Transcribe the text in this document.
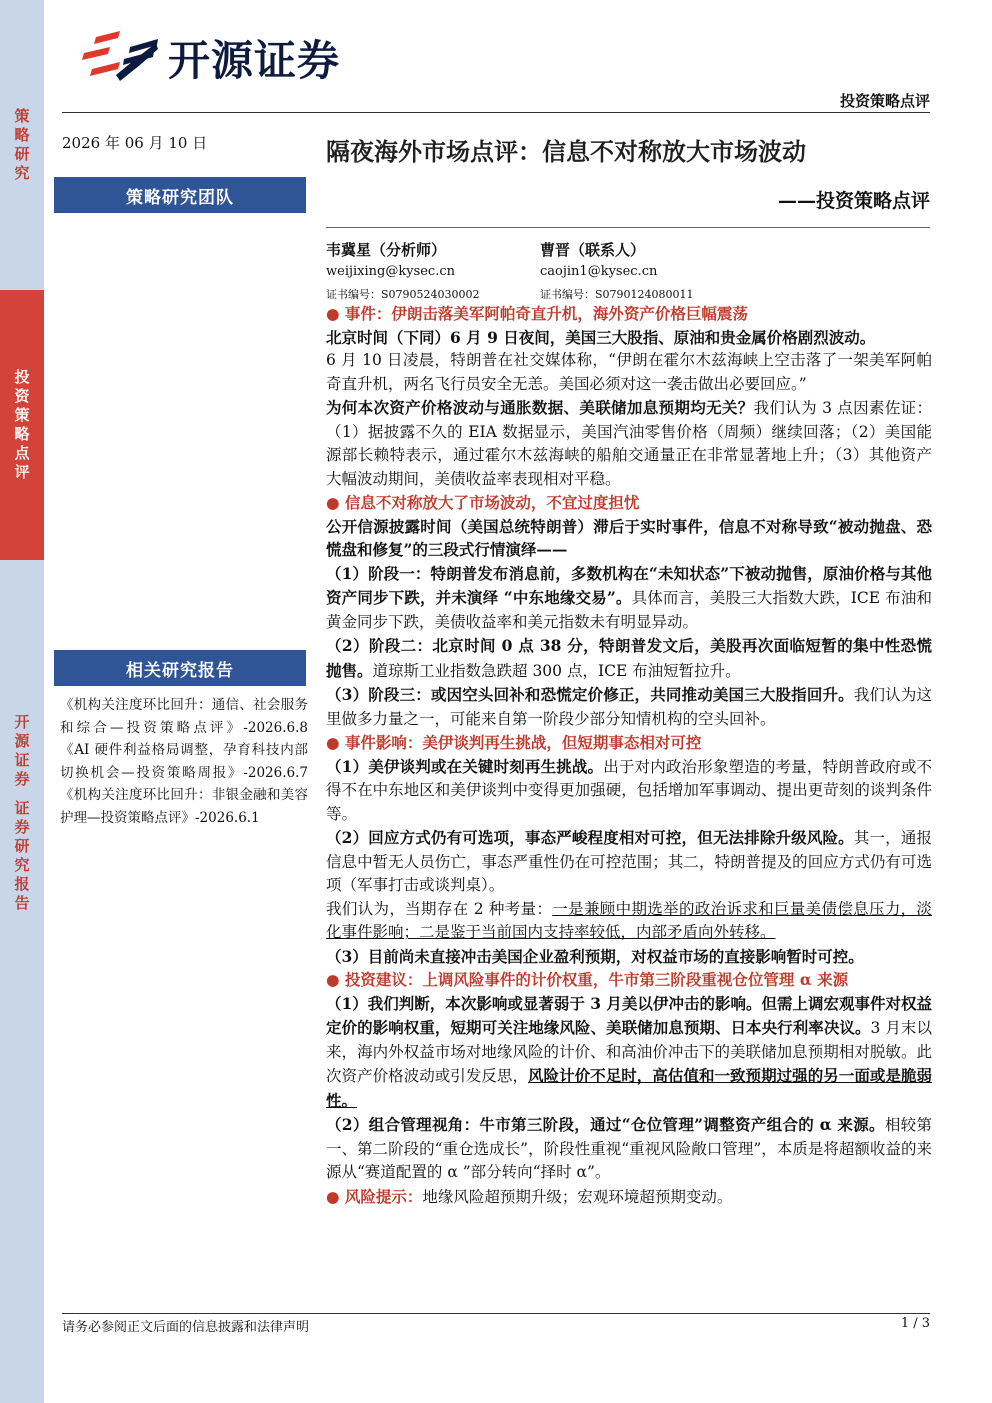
策
略
研
究
投
资
策
略
点
评
开
源
证
券
证
券
研
究
报
告
开源证券
投资策略点评
2026 年 06 月 10 日
策略研究团队
相关研究报告
《机构关注度环比回升：通信、社会服务和综合—投资策略点评》-2026.6.8
《AI 硬件利益格局调整，孕育科技内部切换机会—投资策略周报》-2026.6.7
《机构关注度环比回升：非银金融和美容护理—投资策略点评》-2026.6.1
隔夜海外市场点评：信息不对称放大市场波动
——投资策略点评
韦冀星（分析师）
weijixing@kysec.cn
证书编号：S0790524030002
曹晋（联系人）
caojin1@kysec.cn
证书编号：S0790124080011

● 事件：伊朗击落美军阿帕奇直升机，海外资产价格巨幅震荡

北京时间（下同）6 月 9 日夜间，美国三大股指、原油和贵金属价格剧烈波动。

6 月 10 日凌晨，特朗普在社交媒体称，“伊朗在霍尔木兹海峡上空击落了一架美军阿帕奇直升机，两名飞行员安全无恙。美国必须对这一袭击做出必要回应。”

为何本次资产价格波动与通胀数据、美联储加息预期均无关？我们认为 3 点因素佐证：（1）据披露不久的 EIA 数据显示，美国汽油零售价格（周频）继续回落；（2）美国能源部长赖特表示，通过霍尔木兹海峡的船舶交通量正在非常显著地上升；（3）其他资产大幅波动期间，美债收益率表现相对平稳。

● 信息不对称放大了市场波动，不宜过度担忧

公开信源披露时间（美国总统特朗普）滞后于实时事件，信息不对称导致“被动抛盘、恐慌盘和修复”的三段式行情演绎——

（1）阶段一：特朗普发布消息前，多数机构在“未知状态”下被动抛售，原油价格与其他资产同步下跌，并未演绎 “中东地缘交易”。具体而言，美股三大指数大跌，ICE 布油和黄金同步下跌，美债收益率和美元指数未有明显异动。

（2）阶段二：北京时间 0 点 38 分，特朗普发文后，美股再次面临短暂的集中性恐慌抛售。道琼斯工业指数急跌超 300 点，ICE 布油短暂拉升。

（3）阶段三：或因空头回补和恐慌定价修正，共同推动美国三大股指回升。我们认为这里做多力量之一，可能来自第一阶段少部分知情机构的空头回补。

● 事件影响：美伊谈判再生挑战，但短期事态相对可控

（1）美伊谈判或在关键时刻再生挑战。出于对内政治形象塑造的考量，特朗普政府或不得不在中东地区和美伊谈判中变得更加强硬，包括增加军事调动、提出更苛刻的谈判条件等。

（2）回应方式仍有可选项，事态严峻程度相对可控，但无法排除升级风险。其一，通报信息中暂无人员伤亡，事态严重性仍在可控范围；其二，特朗普提及的回应方式仍有可选项（军事打击或谈判桌）。

我们认为，当期存在 2 种考量：一是兼顾中期选举的政治诉求和巨量美债偿息压力，淡化事件影响；二是鉴于当前国内支持率较低，内部矛盾向外转移。

（3）目前尚未直接冲击美国企业盈利预期，对权益市场的直接影响暂时可控。

● 投资建议：上调风险事件的计价权重，牛市第三阶段重视仓位管理 α 来源

（1）我们判断，本次影响或显著弱于 3 月美以伊冲击的影响。但需上调宏观事件对权益定价的影响权重，短期可关注地缘风险、美联储加息预期、日本央行利率决议。3 月末以来，海内外权益市场对地缘风险的计价、和高油价冲击下的美联储加息预期相对脱敏。此次资产价格波动或引发反思，风险计价不足时，高估值和一致预期过强的另一面或是脆弱性。

（2）组合管理视角：牛市第三阶段，通过“仓位管理”调整资产组合的 α 来源。相较第一、第二阶段的“重仓选成长”，阶段性重视“重视风险敞口管理”，本质是将超额收益的来源从“赛道配置的 α ”部分转向“择时 α”。

● 风险提示：地缘风险超预期升级；宏观环境超预期变动。

请务必参阅正文后面的信息披露和法律声明	1 / 3
